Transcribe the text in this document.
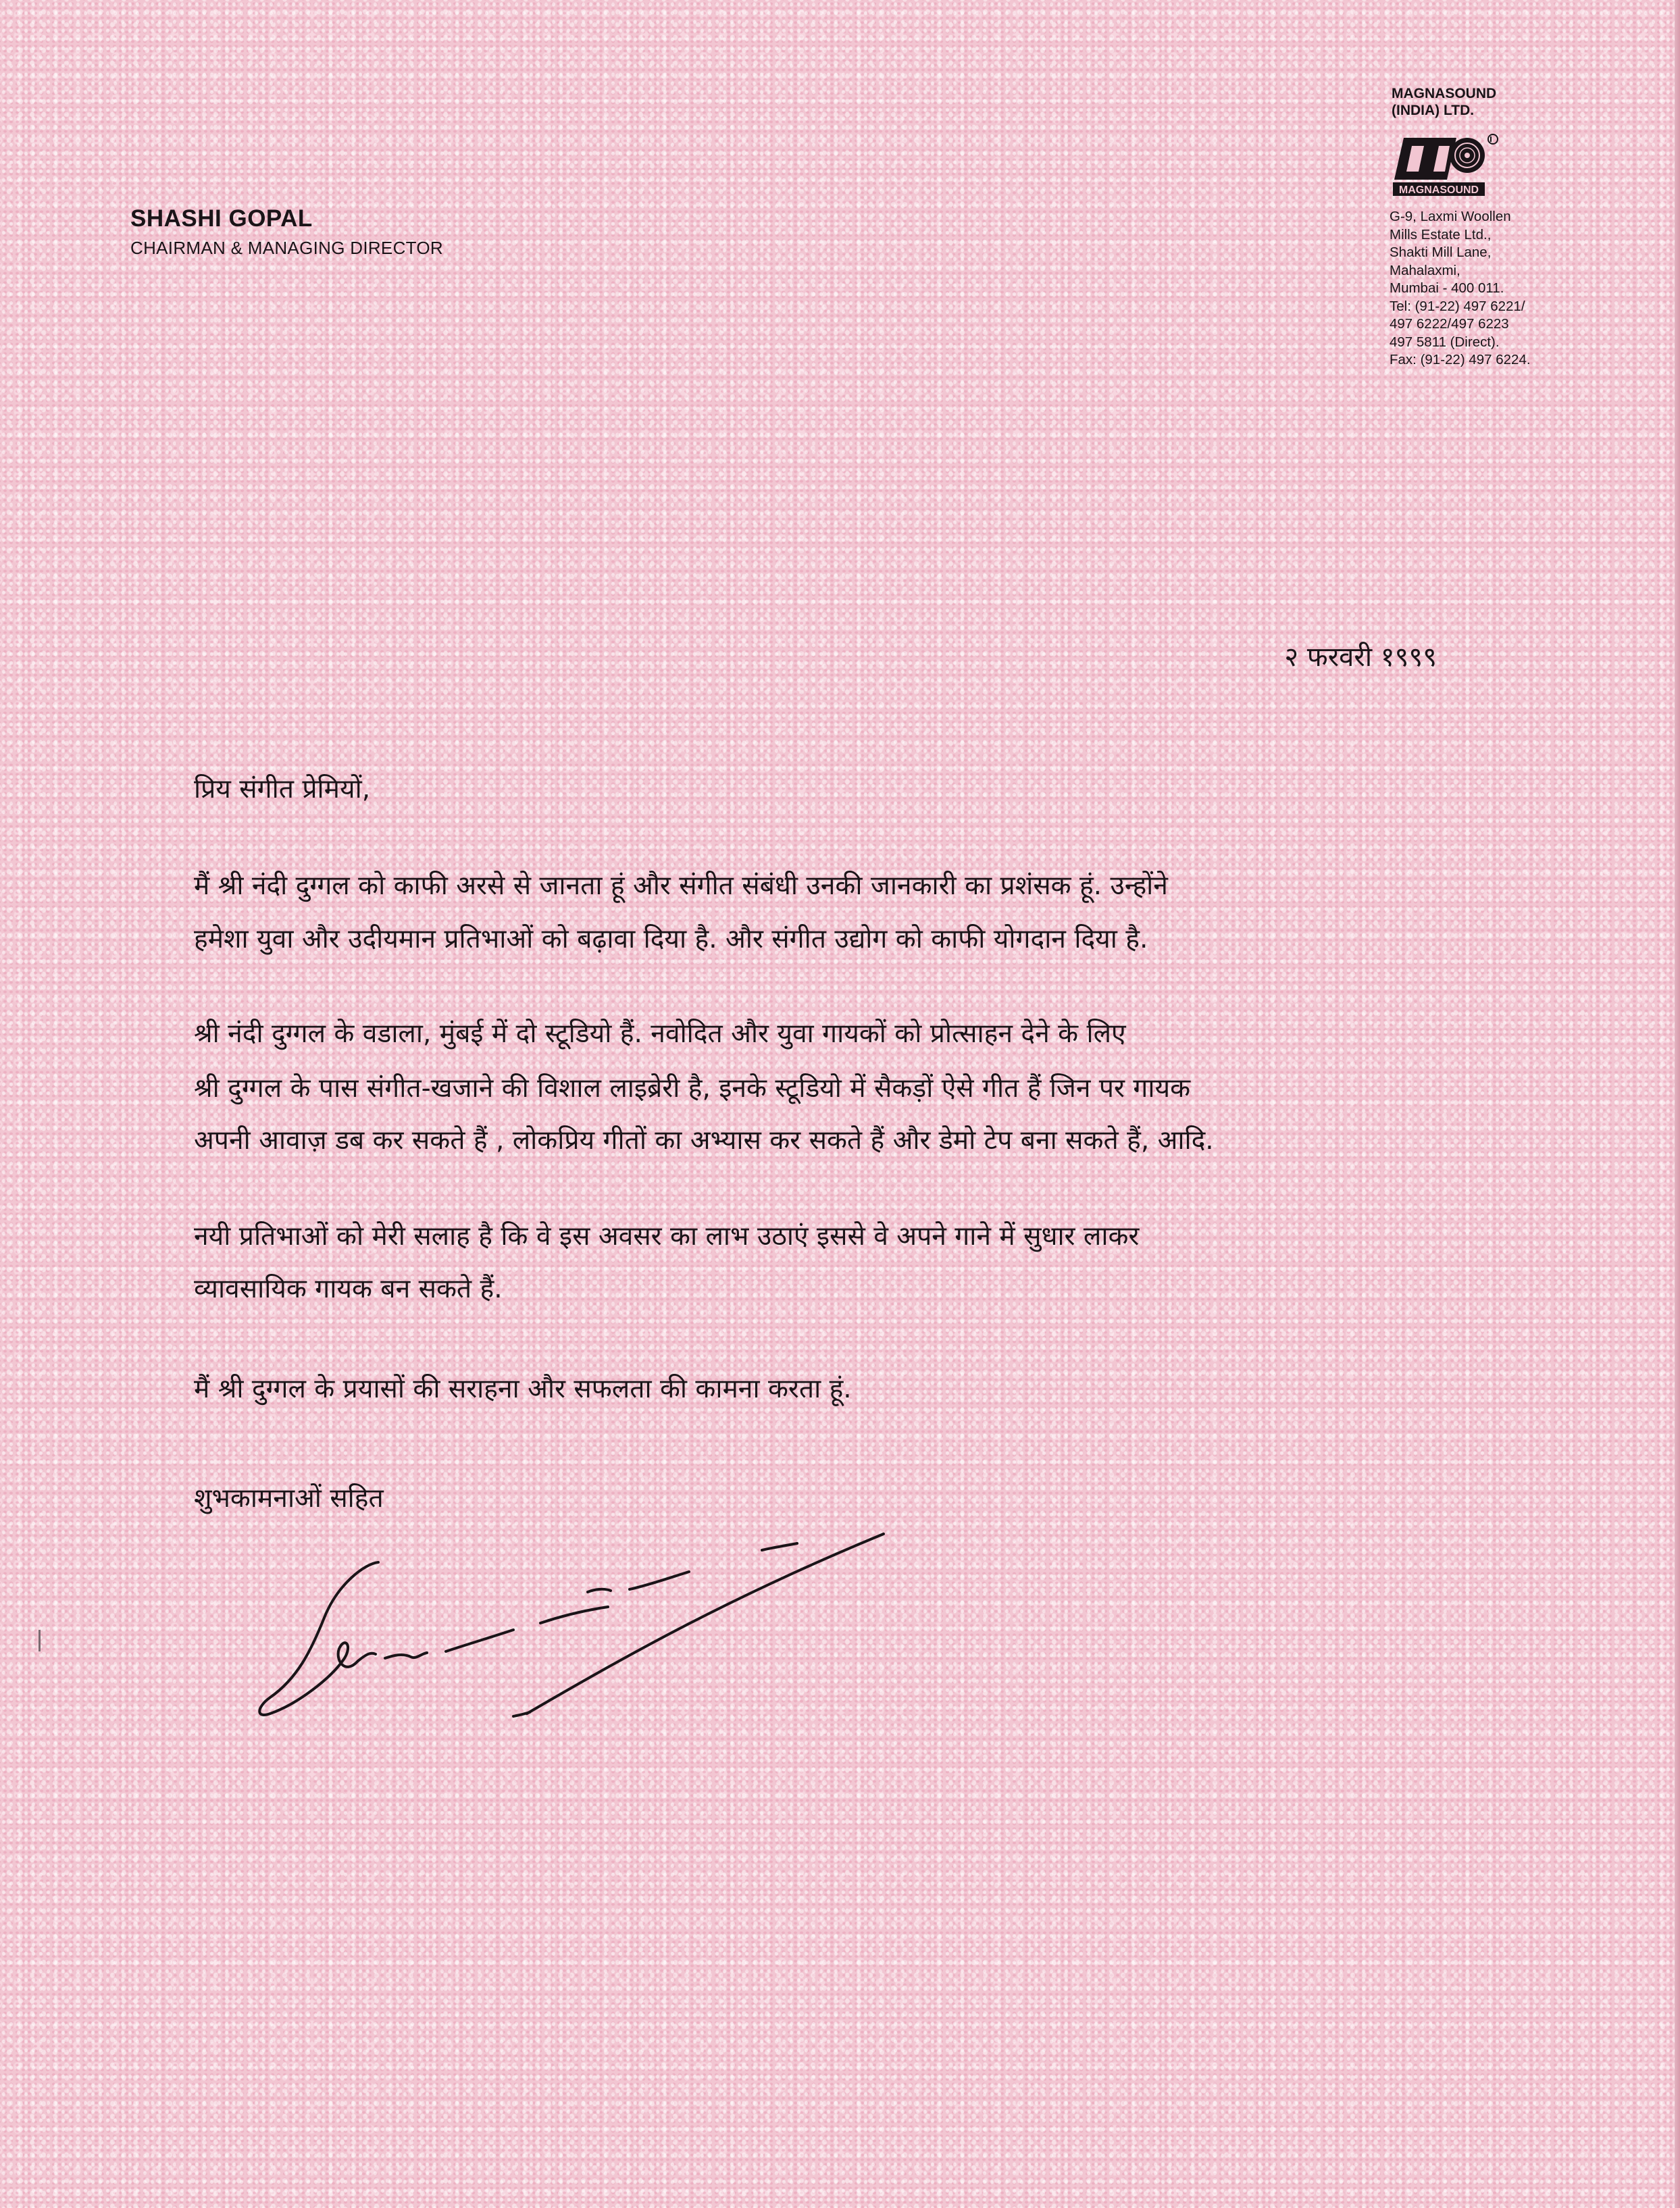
SHASHI GOPAL
CHAIRMAN & MANAGING DIRECTOR
MAGNASOUND
(INDIA) LTD.
MAGNASOUND
G-9, Laxmi Woollen
Mills Estate Ltd.,
Shakti Mill Lane,
Mahalaxmi,
Mumbai - 400 011.
Tel: (91-22) 497 6221/
497 6222/497 6223
497 5811 (Direct).
Fax: (91-22) 497 6224.
२ फरवरी १९९९
प्रिय संगीत प्रेमियों,
मैं श्री नंदी दुग्गल को काफी अरसे से जानता हूं और संगीत संबंधी उनकी जानकारी का प्रशंसक हूं. उन्होंने
हमेशा युवा और उदीयमान प्रतिभाओं को बढ़ावा दिया है. और संगीत उद्योग को काफी योगदान दिया है.
श्री नंदी दुग्गल के वडाला, मुंबई में दो स्टूडियो हैं. नवोदित और युवा गायकों को प्रोत्साहन देने के लिए
श्री दुग्गल के पास संगीत-खजाने की विशाल लाइब्रेरी है, इनके स्टूडियो में सैकड़ों ऐसे गीत हैं जिन पर गायक
अपनी आवाज़ डब कर सकते हैं , लोकप्रिय गीतों का अभ्यास कर सकते हैं और डेमो टेप बना सकते हैं, आदि.
नयी प्रतिभाओं को मेरी सलाह है कि वे इस अवसर का लाभ उठाएं इससे वे अपने गाने में सुधार लाकर
व्यावसायिक गायक बन सकते हैं.
मैं श्री दुग्गल के प्रयासों की सराहना और सफलता की कामना करता हूं.
शुभकामनाओं सहित
